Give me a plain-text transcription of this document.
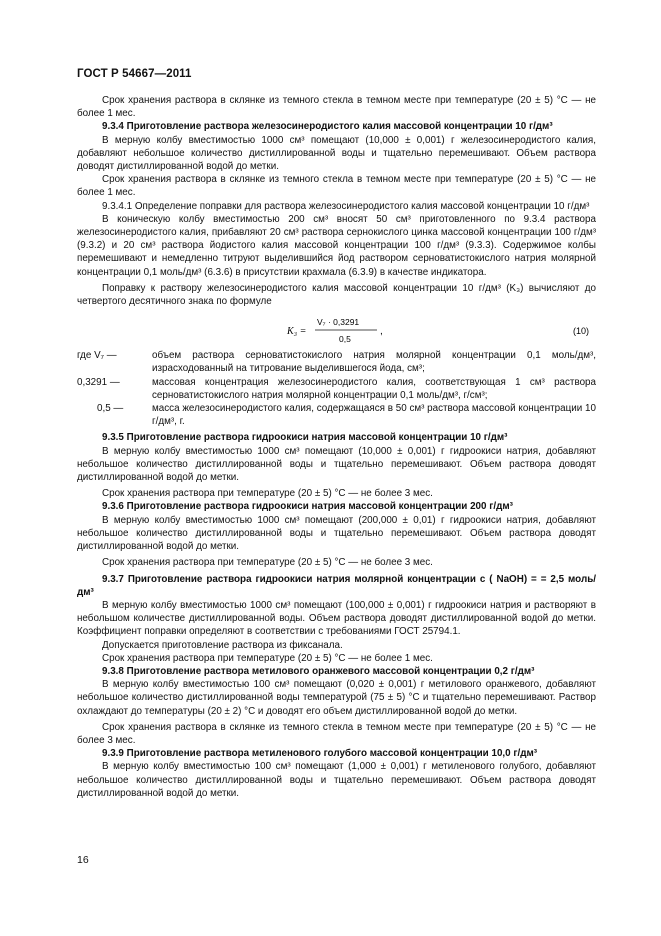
ГОСТ Р 54667—2011

Срок хранения раствора в склянке из темного стекла в темном месте при температуре (20 ± 5) °С — не более 1 мес.

9.3.4 Приготовление раствора железосинеродистого калия массовой концентрации 10 г/дм³

В мерную колбу вместимостью 1000 см³ помещают (10,000 ± 0,001) г железосинеродистого калия, добавляют небольшое количество дистиллированной воды и тщательно перемешивают. Объем раствора доводят дистиллированной водой до метки.

Срок хранения раствора в склянке из темного стекла в темном месте при температуре (20 ± 5) °С — не более 1 мес.

9.3.4.1 Определение поправки для раствора железосинеродистого калия массовой концентрации 10 г/дм³

В коническую колбу вместимостью 200 см³ вносят 50 см³ приготовленного по 9.3.4 раствора железосинеродистого калия, прибавляют 20 см³ раствора сернокислого цинка массовой концентрации 100 г/дм³ (9.3.2) и 20 см³ раствора йодистого калия массовой концентрации 100 г/дм³ (9.3.3). Содержимое колбы перемешивают и немедленно титруют выделившийся йод раствором серноватистокислого натрия молярной концентрации 0,1 моль/дм³ (6.3.6) в присутствии крахмала (6.3.9) в качестве индикатора.

Поправку к раствору железосинеродистого калия массовой концентрации 10 г/дм³ (K₃) вычисляют до четвертого десятичного знака по формуле

K₃ =
V₇ · 0,3291
0,5
,	(10)
где V₇ —	объем раствора серноватистокислого натрия молярной концентрации 0,1 моль/дм³, израсходованный на титрование выделившегося йода, см³;

0,3291 —	массовая концентрация железосинеродистого калия, соответствующая 1 см³ раствора серноватистокислого натрия молярной концентрации 0,1 моль/дм³, г/см³;

0,5 —	масса железосинеродистого калия, содержащаяся в 50 см³ раствора массовой концентрации 10 г/дм³, г.

9.3.5 Приготовление раствора гидроокиси натрия массовой концентрации 10 г/дм³

В мерную колбу вместимостью 1000 см³ помещают (10,000 ± 0,001) г гидроокиси натрия, добавляют небольшое количество дистиллированной воды и тщательно перемешивают. Объем раствора доводят дистиллированной водой до метки.

Срок хранения раствора при температуре (20 ± 5) °С — не более 3 мес.

9.3.6 Приготовление раствора гидроокиси натрия массовой концентрации 200 г/дм³

В мерную колбу вместимостью 1000 см³ помещают (200,000 ± 0,01) г гидроокиси натрия, добавляют небольшое количество дистиллированной воды и тщательно перемешивают. Объем раствора доводят дистиллированной водой до метки.

Срок хранения раствора при температуре (20 ± 5) °С — не более 3 мес.

9.3.7 Приготовление раствора гидроокиси натрия молярной концентрации с ( NaOH) = = 2,5 моль/дм³

В мерную колбу вместимостью 1000 см³ помещают (100,000 ± 0,001) г гидроокиси натрия и растворяют в небольшом количестве дистиллированной воды. Объем раствора доводят дистиллированной водой до метки. Коэффициент поправки определяют в соответствии с требованиями ГОСТ 25794.1.

Допускается приготовление раствора из фиксанала.

Срок хранения раствора при температуре (20 ± 5) °С — не более 1 мес.

9.3.8 Приготовление раствора метилового оранжевого массовой концентрации 0,2 г/дм³

В мерную колбу вместимостью 100 см³ помещают (0,020 ± 0,001) г метилового оранжевого, добавляют небольшое количество дистиллированной воды температурой (75 ± 5) °С и тщательно перемешивают. Раствор охлаждают до температуры (20 ± 2) °С и доводят его объем дистиллированной водой до метки.

Срок хранения раствора в склянке из темного стекла в темном месте при температуре (20 ± 5) °С — не более 3 мес.

9.3.9 Приготовление раствора метиленового голубого массовой концентрации 10,0 г/дм³

В мерную колбу вместимостью 100 см³ помещают (1,000 ± 0,001) г метиленового голубого, добавляют небольшое количество дистиллированной воды и тщательно перемешивают. Объем раствора доводят дистиллированной водой до метки.

16
